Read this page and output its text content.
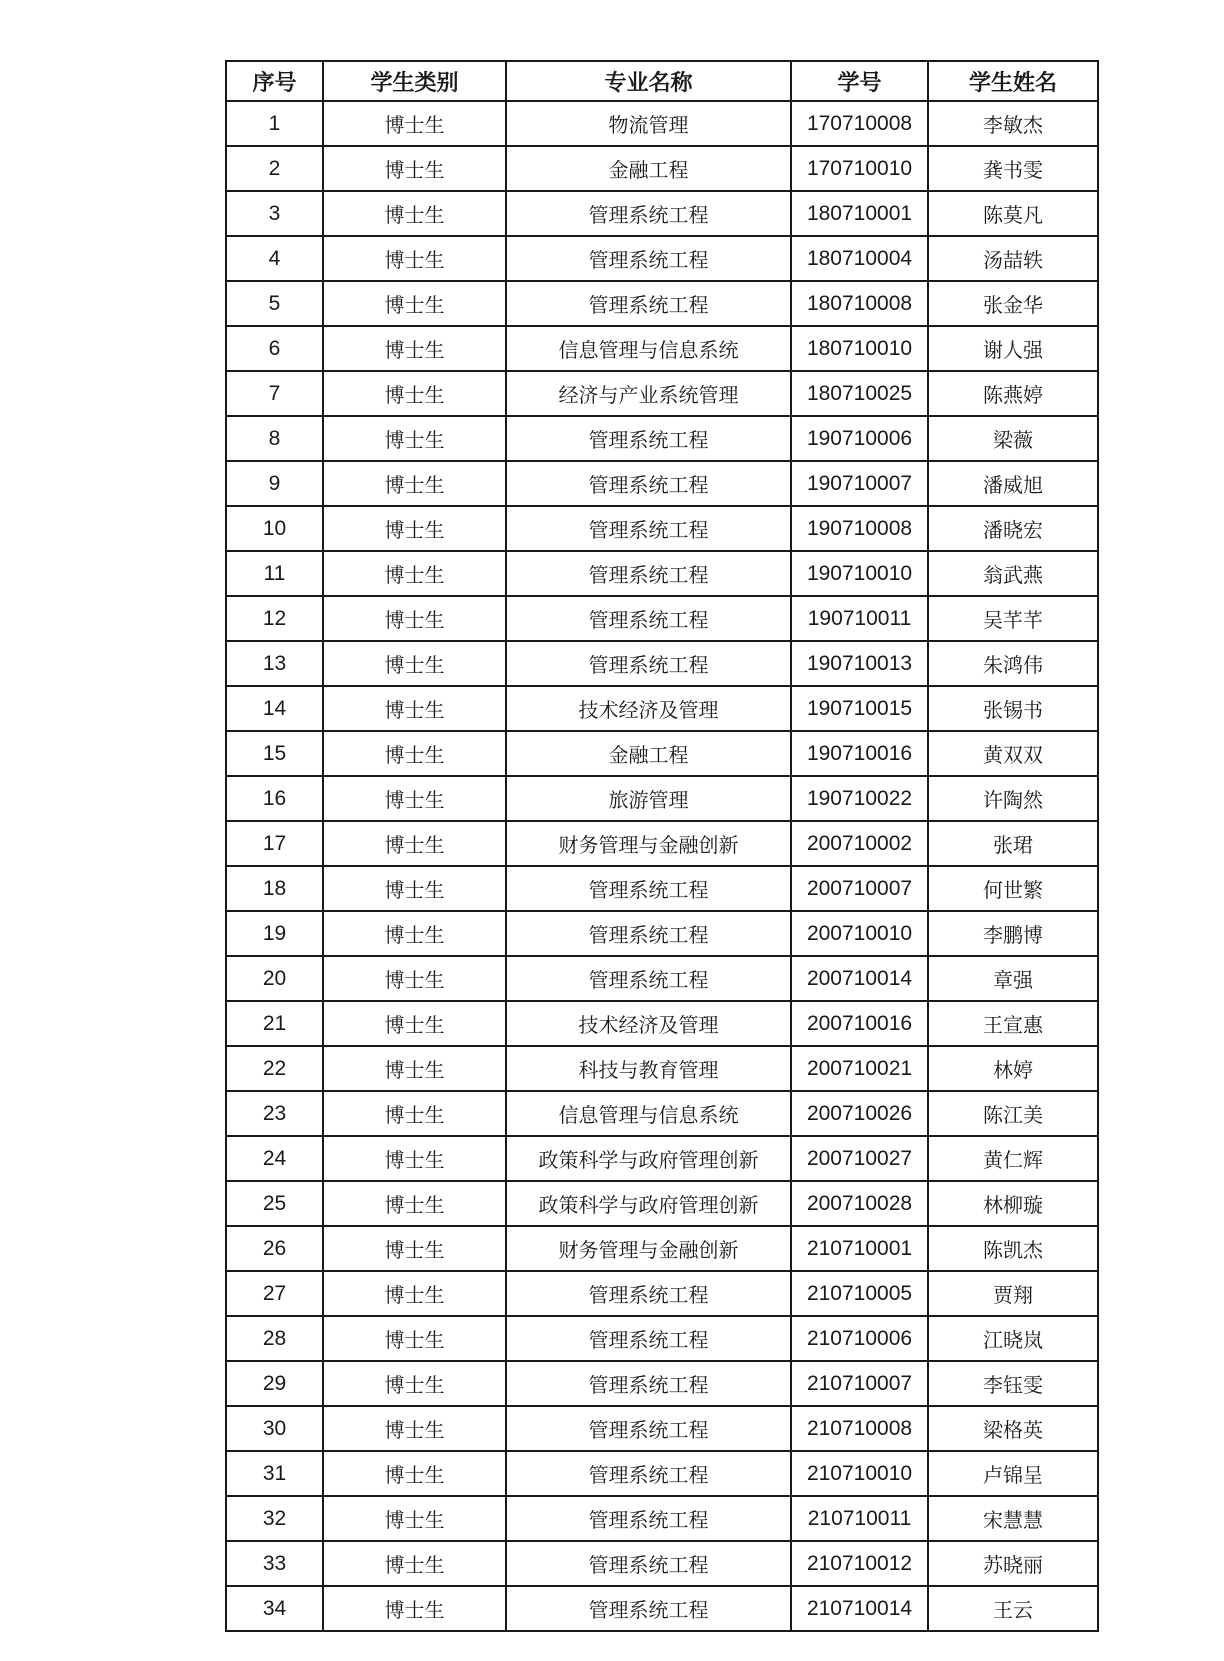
序号	学生类别	专业名称	学号	学生姓名
1	博士生	物流管理	170710008	李敏杰
2	博士生	金融工程	170710010	龚书雯
3	博士生	管理系统工程	180710001	陈莫凡
4	博士生	管理系统工程	180710004	汤喆轶
5	博士生	管理系统工程	180710008	张金华
6	博士生	信息管理与信息系统	180710010	谢人强
7	博士生	经济与产业系统管理	180710025	陈燕婷
8	博士生	管理系统工程	190710006	梁薇
9	博士生	管理系统工程	190710007	潘威旭
10	博士生	管理系统工程	190710008	潘晓宏
11	博士生	管理系统工程	190710010	翁武燕
12	博士生	管理系统工程	190710011	吴芊芊
13	博士生	管理系统工程	190710013	朱鸿伟
14	博士生	技术经济及管理	190710015	张锡书
15	博士生	金融工程	190710016	黄双双
16	博士生	旅游管理	190710022	许陶然
17	博士生	财务管理与金融创新	200710002	张珺
18	博士生	管理系统工程	200710007	何世繁
19	博士生	管理系统工程	200710010	李鹏博
20	博士生	管理系统工程	200710014	章强
21	博士生	技术经济及管理	200710016	王宣惠
22	博士生	科技与教育管理	200710021	林婷
23	博士生	信息管理与信息系统	200710026	陈江美
24	博士生	政策科学与政府管理创新	200710027	黄仁辉
25	博士生	政策科学与政府管理创新	200710028	林柳璇
26	博士生	财务管理与金融创新	210710001	陈凯杰
27	博士生	管理系统工程	210710005	贾翔
28	博士生	管理系统工程	210710006	江晓岚
29	博士生	管理系统工程	210710007	李钰雯
30	博士生	管理系统工程	210710008	梁格英
31	博士生	管理系统工程	210710010	卢锦呈
32	博士生	管理系统工程	210710011	宋慧慧
33	博士生	管理系统工程	210710012	苏晓丽
34	博士生	管理系统工程	210710014	王云
